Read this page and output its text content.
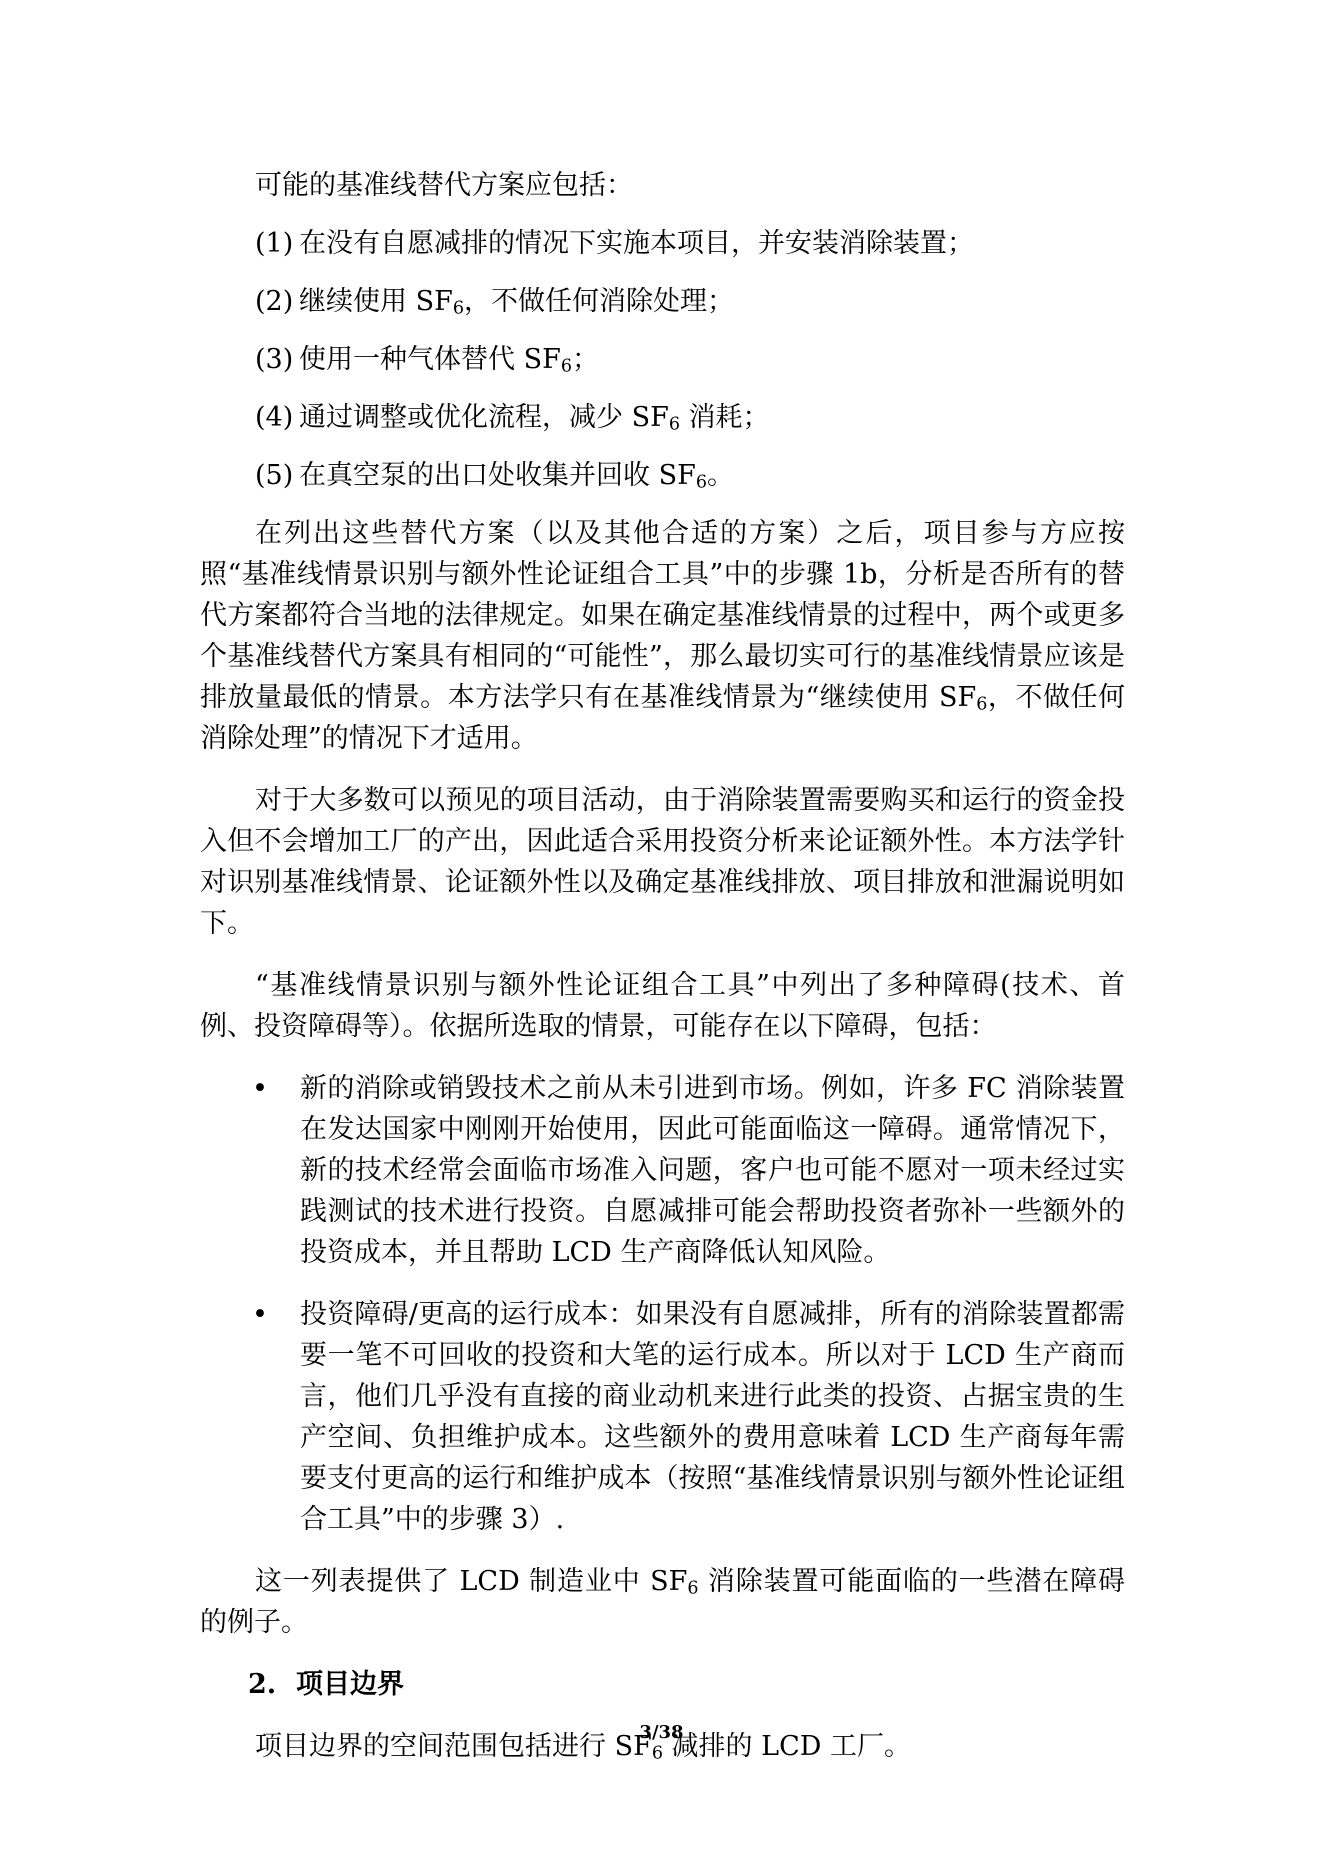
可能的基准线替代方案应包括：

(1) 在没有自愿减排的情况下实施本项目，并安装消除装置；

(2) 继续使用 $SF_6$，不做任何消除处理；

(3) 使用一种气体替代 $SF_6$；

(4) 通过调整或优化流程，减少 $SF_6$ 消耗；

(5) 在真空泵的出口处收集并回收 $SF_6$。

在列出这些替代方案（以及其他合适的方案）之后，项目参与方应按照“基准线情景识别与额外性论证组合工具”中的步骤 1b，分析是否所有的替代方案都符合当地的法律规定。如果在确定基准线情景的过程中，两个或更多个基准线替代方案具有相同的“可能性”，那么最切实可行的基准线情景应该是排放量最低的情景。本方法学只有在基准线情景为“继续使用 $SF_6$，不做任何消除处理”的情况下才适用。

对于大多数可以预见的项目活动，由于消除装置需要购买和运行的资金投入但不会增加工厂的产出，因此适合采用投资分析来论证额外性。本方法学针对识别基准线情景、论证额外性以及确定基准线排放、项目排放和泄漏说明如下。

“基准线情景识别与额外性论证组合工具”中列出了多种障碍(技术、首例、投资障碍等）。依据所选取的情景，可能存在以下障碍，包括：

• 新的消除或销毁技术之前从未引进到市场。例如，许多 FC 消除装置在发达国家中刚刚开始使用，因此可能面临这一障碍。通常情况下，新的技术经常会面临市场准入问题，客户也可能不愿对一项未经过实践测试的技术进行投资。自愿减排可能会帮助投资者弥补一些额外的投资成本，并且帮助 LCD 生产商降低认知风险。
• 投资障碍/更高的运行成本：如果没有自愿减排，所有的消除装置都需要一笔不可回收的投资和大笔的运行成本。所以对于 LCD 生产商而言，他们几乎没有直接的商业动机来进行此类的投资、占据宝贵的生产空间、负担维护成本。这些额外的费用意味着 LCD 生产商每年需要支付更高的运行和维护成本（按照“基准线情景识别与额外性论证组合工具”中的步骤 3）.

这一列表提供了 LCD 制造业中 $SF_6$ 消除装置可能面临的一些潜在障碍的例子。

2. 项目边界

项目边界的空间范围包括进行 $SF_6$ 减排的 LCD 工厂。

3/38
